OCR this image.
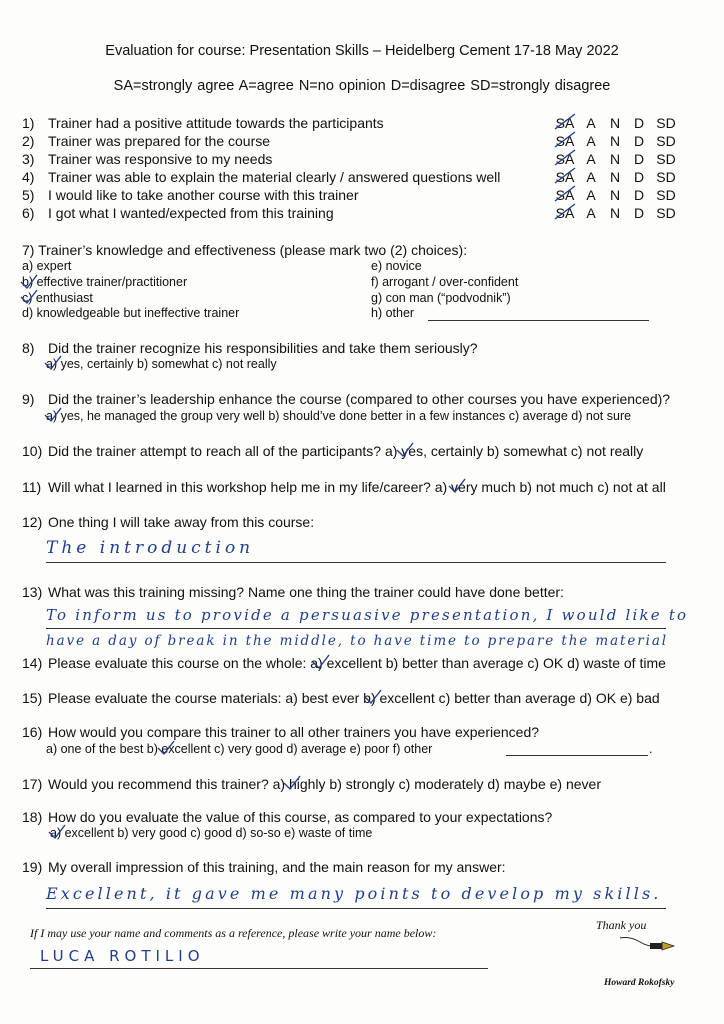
Evaluation for course: Presentation Skills – Heidelberg Cement 17-18 May 2022
SA=strongly agree A=agree N=no opinion D=disagree SD=strongly disagree
1) Trainer had a positive attitude towards the participants	SA A	N D SD
2) Trainer was prepared for the course	SA A	N D SD
3) Trainer was responsive to my needs	SA A	N D SD
4) Trainer was able to explain the material clearly / answered questions well	SA A	N D SD
5) I would like to take another course with this trainer	SA A	N D SD
6) I got what I wanted/expected from this training	SA A	N D SD
7) Trainer’s knowledge and effectiveness (please mark two (2) choices):
a) expert
b) effective trainer/practitioner
c) enthusiast
d) knowledgeable but ineffective trainer
e) novice
f) arrogant / over-confident
g) con man (“podvodnik”)
h) other
8) Did the trainer recognize his responsibilities and take them seriously?
a) yes, certainly b) somewhat c) not really
9) Did the trainer’s leadership enhance the course (compared to other courses you have experienced)?
a) yes, he managed the group very well b) should’ve done better in a few instances c) average d) not sure
10) Did the trainer attempt to reach all of the participants? a) yes, certainly b) somewhat c) not really
11) Will what I learned in this workshop help me in my life/career? a) very much b) not much c) not at all
12) One thing I will take away from this course:
The introduction
13) What was this training missing? Name one thing the trainer could have done better:
To inform us to provide a persuasive presentation, I would like to
have a day of break in the middle, to have time to prepare the material
14) Please evaluate this course on the whole: a) excellent b) better than average c) OK d) waste of time
15) Please evaluate the course materials: a) best ever b) excellent c) better than average d) OK e) bad
16) How would you compare this trainer to all other trainers you have experienced?
a) one of the best b) excellent c) very good d) average e) poor f) other	.
17) Would you recommend this trainer? a) highly b) strongly c) moderately d) maybe e) never
18) How do you evaluate the value of this course, as compared to your expectations?
a) excellent b) very good c) good d) so-so e) waste of time
19) My overall impression of this training, and the main reason for my answer:
Excellent, it gave me many points to develop my skills.
If I may use your name and comments as a reference, please write your name below:
LUCA ROTILIO
Thank you
Howard Rokofsky
